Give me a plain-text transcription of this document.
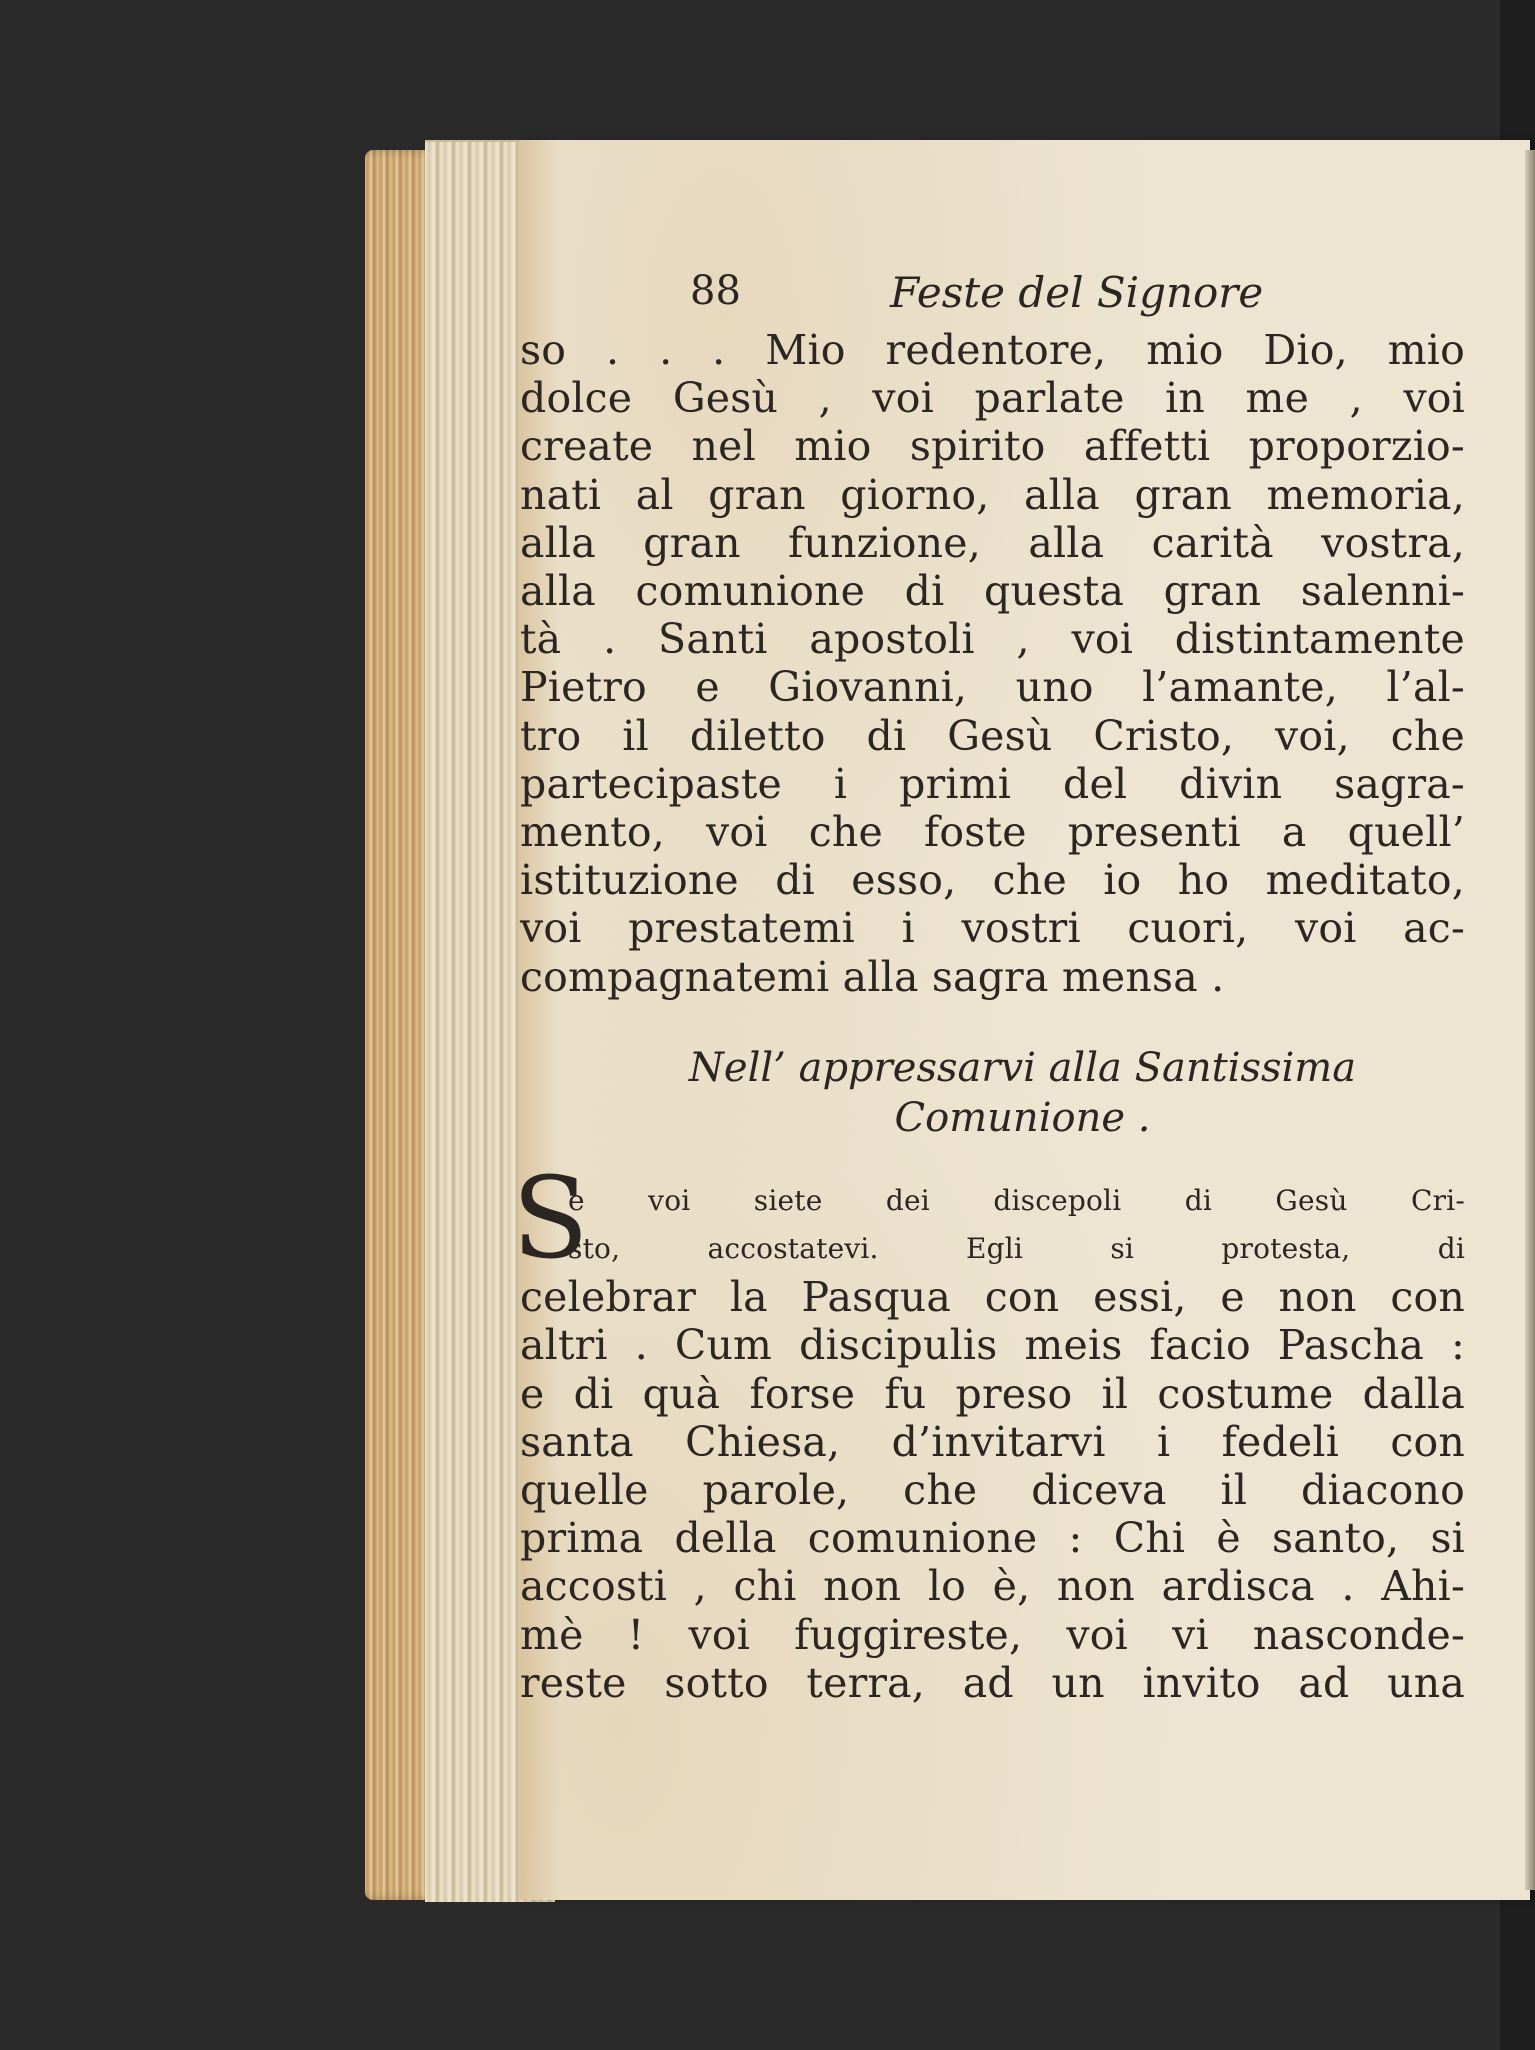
88	Feste del Signore
so . . . Mio redentore, mio Dio, mio
dolce Gesù , voi parlate in me , voi
create nel mio spirito affetti proporzio-
nati al gran giorno, alla gran memoria,
alla gran funzione, alla carità vostra,
alla comunione di questa gran salenni-
tà . Santi apostoli , voi distintamente
Pietro e Giovanni, uno l’amante, l’al-
tro il diletto di Gesù Cristo, voi, che
partecipaste i primi del divin sagra-
mento, voi che foste presenti a quell’
istituzione di esso, che io ho meditato,
voi prestatemi i vostri cuori, voi ac-
compagnatemi alla sagra mensa .
Nell’ appressarvi alla Santissima
Comunione .
S
e voi siete dei discepoli di Gesù Cri-
sto, accostatevi. Egli si protesta, di
celebrar la Pasqua con essi, e non con
altri . Cum discipulis meis facio Pascha :
e di quà forse fu preso il costume dalla
santa Chiesa, d’invitarvi i fedeli con
quelle parole, che diceva il diacono
prima della comunione : Chi è santo, si
accosti , chi non lo è, non ardisca . Ahi-
mè ! voi fuggireste, voi vi nasconde-
reste sotto terra, ad un invito ad una
